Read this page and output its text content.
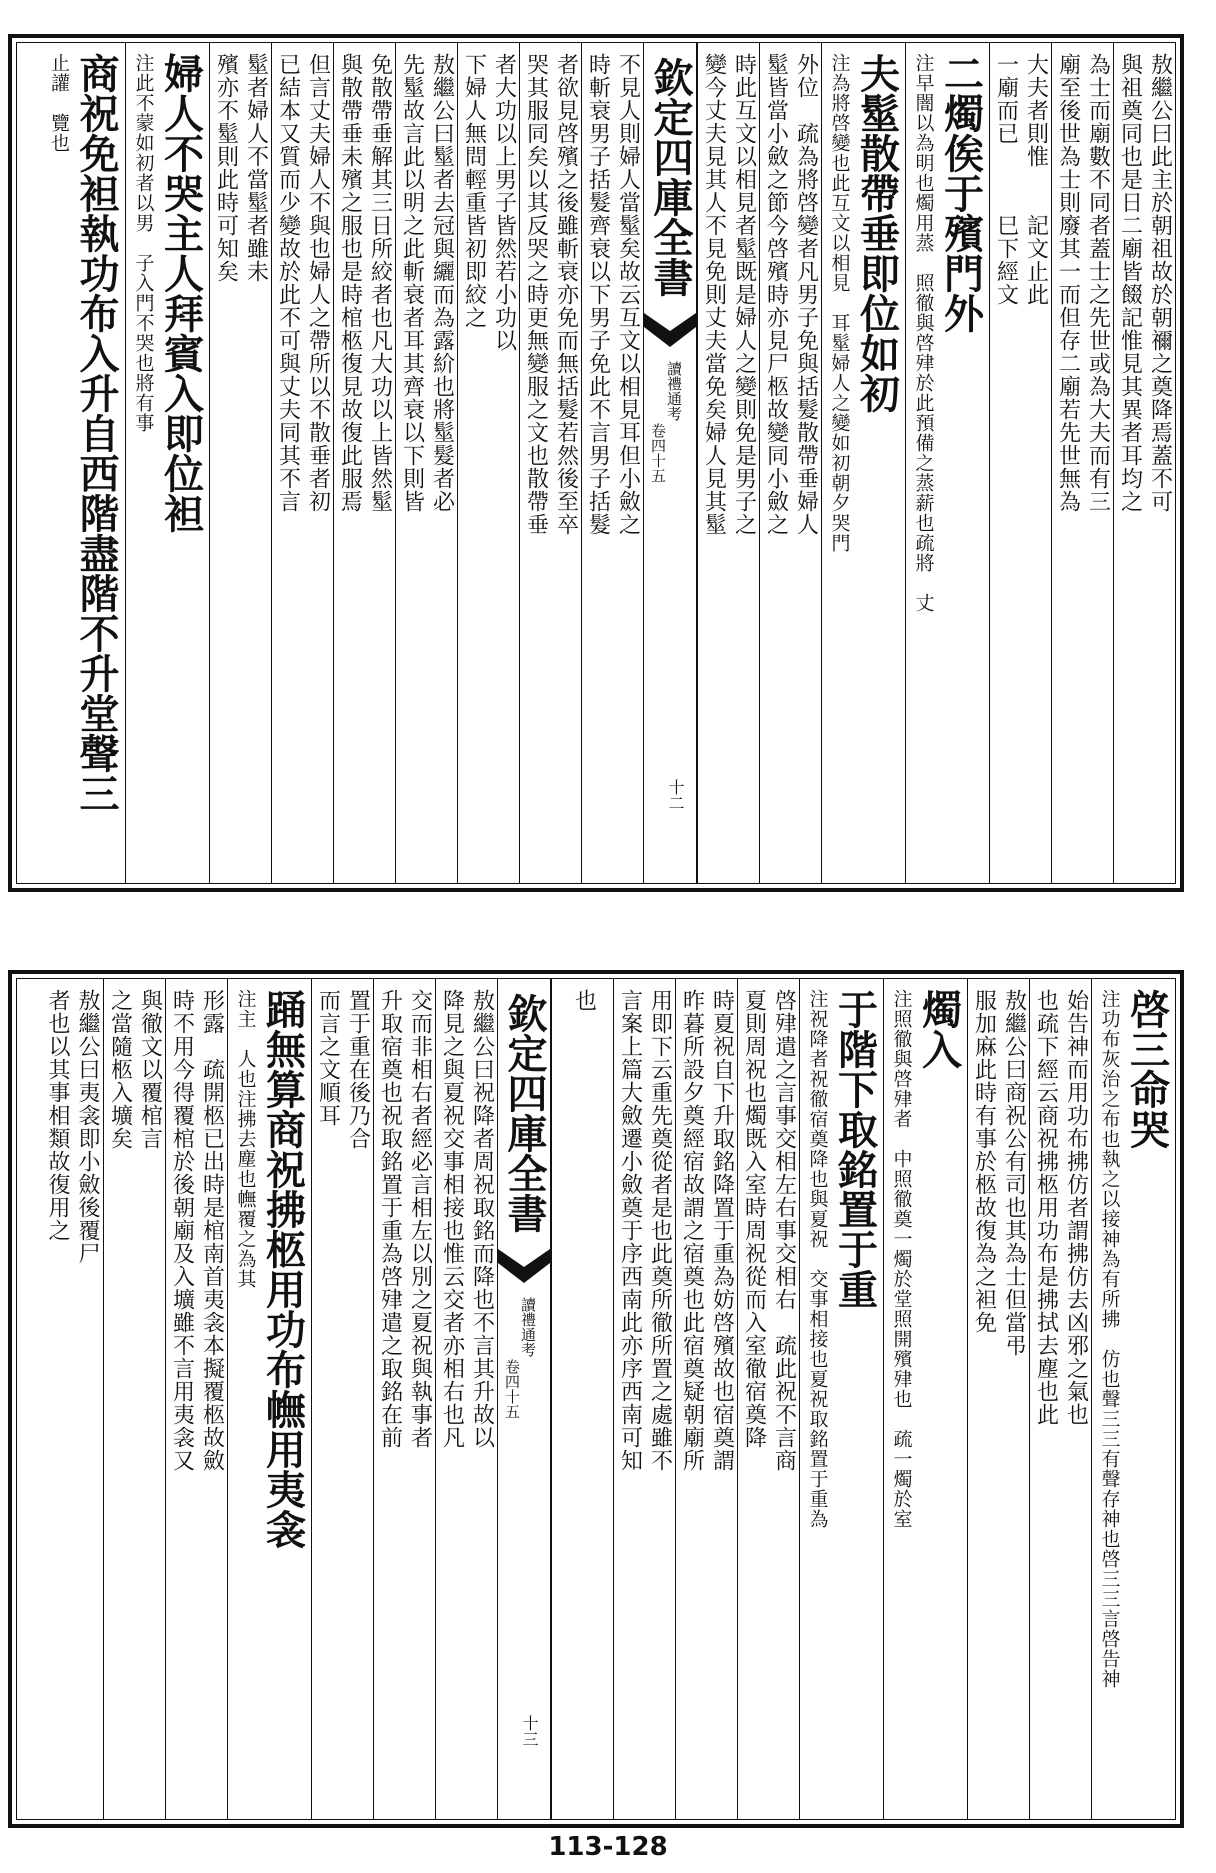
敖繼公曰此主於朝祖故於朝禰之奠降焉蓋不可
與祖奠同也是日二廟皆餟記惟見其異者耳均之
為士而廟數不同者蓋士之先世或為大夫而有三
廟至後世為士則廢其一而但存二廟若先世無為
大夫者則惟　　記文止此
一廟而已　　　巳下經文
二燭俟于殯門外
注早闇以為明也燭用蒸　照徹與啓肂於此預備之蒸薪也疏將　丈
夫髽散帶垂即位如初
注為將啓變也此互文以相見　耳髽婦人之變如初朝夕哭門
外位　疏為將啓變者凡男子免與括髮散帶垂婦人
髽皆當小斂之節今啓殯時亦見尸柩故變同小斂之
時此互文以相見者髽既是婦人之變則免是男子之
變今丈夫見其人不見免則丈夫當免矣婦人見其髽
欽定四庫全書
讀禮通考
卷四十五
十二
不見人則婦人當髽矣故云互文以相見耳但小斂之
時斬衰男子括髮齊衰以下男子免此不言男子括髮
者欲見啓殯之後雖斬衰亦免而無括髮若然後至卒
哭其服同矣以其反哭之時更無變服之文也散帶垂
者大功以上男子皆然若小功以
下婦人無問輕重皆初即絞之
敖繼公曰髽者去冠與纚而為露紒也將髽髮者必
先髽故言此以明之此斬衰者耳其齊衰以下則皆
免散帶垂解其三日所絞者也凡大功以上皆然髽
與散帶垂未殯之服也是時棺柩復見故復此服焉
但言丈夫婦人不與也婦人之帶所以不散垂者初
已結本又質而少變故於此不可與丈夫同其不言
髽者婦人不當髽者雖未
殯亦不髽則此時可知矣
婦人不哭主人拜賓入即位袒
注此不蒙如初者以男　子入門不哭也將有事
商祝免袒執功布入升自西階盡階不升堂聲三
止讙　覽也
啓三命哭
注功布灰治之布也執之以接神為有所拂　仿也聲三三有聲存神也啓三三言啓告神
始告神而用功布拂仿者謂拂仿去凶邪之氣也
也疏下經云商祝拂柩用功布是拂拭去塵也此
敖繼公曰商祝公有司也其為士但當弔
服加麻此時有事於柩故復為之袒免
燭入
注照徹與啓肂者　中照徹奠一燭於堂照開殯肂也　疏一燭於室
于階下取銘置于重
注祝降者祝徹宿奠降也與夏祝　交事相接也夏祝取銘置于重為
啓肂遣之言事交相左右事交相右　疏此祝不言商
夏則周祝也燭既入室時周祝從而入室徹宿奠降
時夏祝自下升取銘降置于重為妨啓殯故也宿奠謂
昨暮所設夕奠經宿故謂之宿奠也此宿奠疑朝廟所
用即下云重先奠從者是也此奠所徹所置之處雖不
言案上篇大斂遷小斂奠于序西南此亦序西南可知
也
欽定四庫全書
讀禮通考
卷四十五
十三
敖繼公曰祝降者周祝取銘而降也不言其升故以
降見之與夏祝交事相接也惟云交者亦相右也凡
交而非相右者經必言相左以別之夏祝與執事者
升取宿奠也祝取銘置于重為啓肂遣之取銘在前
置于重在後乃合
而言之文順耳
踊無算商祝拂柩用功布幠用夷衾
注主　人也注拂去塵也幠覆之為其
形露　疏開柩已出時是棺南首夷衾本擬覆柩故斂
時不用今得覆棺於後朝廟及入壙雖不言用夷衾又
與徹文以覆棺言
之當隨柩入壙矣
敖繼公曰夷衾即小斂後覆尸
者也以其事相類故復用之
113-128
